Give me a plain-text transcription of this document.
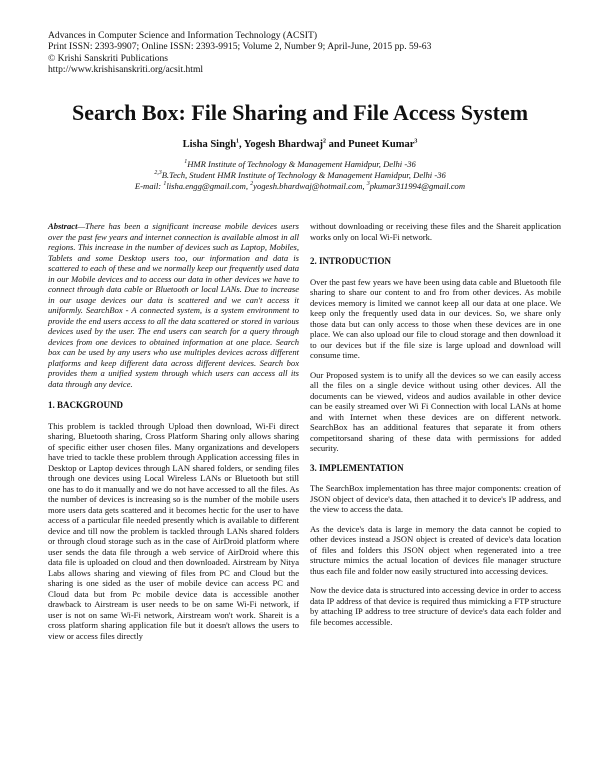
Advances in Computer Science and Information Technology (ACSIT)
Print ISSN: 2393-9907; Online ISSN: 2393-9915; Volume 2, Number 9; April-June, 2015 pp. 59-63
© Krishi Sanskriti Publications
http://www.krishisanskriti.org/acsit.html
Search Box: File Sharing and File Access System
Lisha Singh$^1$, Yogesh Bhardwaj$^2$ and Puneet Kumar$^3$
$^1$HMR Institute of Technology & Management Hamidpur, Delhi -36
$^{2,3}$B.Tech, Student HMR Institute of Technology & Management Hamidpur, Delhi -36
E-mail: $^1$lisha.engg@gmail.com, $^2$yogesh.bhardwaj@hotmail.com, $^3$pkumar311994@gmail.com

Abstract—There has been a significant increase mobile devices users over the past few years and internet connection is available almost in all regions. This increase in the number of devices such as Laptop, Mobiles, Tablets and some Desktop users too, our information and data is scattered to each of these and we normally keep our frequently used data in our Mobile devices and to access our data in other devices we have to connect through data cable or Bluetooth or local LANs. Due to increase in our usage devices our data is scattered and we can't access it uniformly. SearchBox - A connected system, is a system environment to provide the end users access to all the data scattered or stored in various devices used by the user. The end users can search for a query through devices from one devices to obtained information at one place. Search box can be used by any users who use multiples devices across different platforms and keep different data across different devices. Search box provides them a unified system through which users can access all its data through any device.

1. BACKGROUND

This problem is tackled through Upload then download, Wi-Fi direct sharing, Bluetooth sharing, Cross Platform Sharing only allows sharing of specific either user chosen files. Many organizations and developers have tried to tackle these problem through Application accessing files in Desktop or Laptop devices through LAN shared folders, or sending files through one devices using Local Wireless LANs or Bluetooth but still one has to do it manually and we do not have accessed to all the files. As the number of devices is increasing so is the number of the mobile users more users data gets scattered and it becomes hectic for the user to have access of a particular file needed presently which is available to different device and till now the problem is tackled through LANs shared folders or through cloud storage such as in the case of AirDroid platform where user sends the data file through a web service of AirDroid where this data file is uploaded on cloud and then downloaded. Airstream by Nitya Labs allows sharing and viewing of files from PC and Cloud but the sharing is one sided as the user of mobile device can access PC and Cloud data but from Pc mobile device data is accessible another drawback to Airstream is user needs to be on same Wi-Fi network, if user is not on same Wi-Fi network, Airstream won't work. Shareit is a cross platform sharing application file but it doesn't allows the users to view or access files directly

without downloading or receiving these files and the Shareit application works only on local Wi-Fi network.

2. INTRODUCTION

Over the past few years we have been using data cable and Bluetooth file sharing to share our content to and fro from other devices. As mobile devices memory is limited we cannot keep all our data at one place. We keep only the frequently used data in our devices. So, we share only those data but can only access to those when these devices are in one place. We can also upload our file to cloud storage and then download it to our devices but if the file size is large upload and download will consume time.

Our Proposed system is to unify all the devices so we can easily access all the files on a single device without using other devices. All the documents can be viewed, videos and audios available in other device can be easily streamed over Wi Fi Connection with local LANs at home and with Internet when these devices are on different network. SearchBox has an additional features that separate it from others competitorsand sharing of these data with permissions for added security.

3. IMPLEMENTATION

The SearchBox implementation has three major components: creation of JSON object of device's data, then attached it to device's IP address, and the view to access the data.

As the device's data is large in memory the data cannot be copied to other devices instead a JSON object is created of device's data location of files and folders this JSON object when regenerated into a tree structure mimics the actual location of devices file manager structure thus each file and folder now easily structured into accessing devices.

Now the device data is structured into accessing device in order to access data IP address of that device is required thus mimicking a FTP structure by attaching IP address to tree structure of device's data each folder and file becomes accessible.
